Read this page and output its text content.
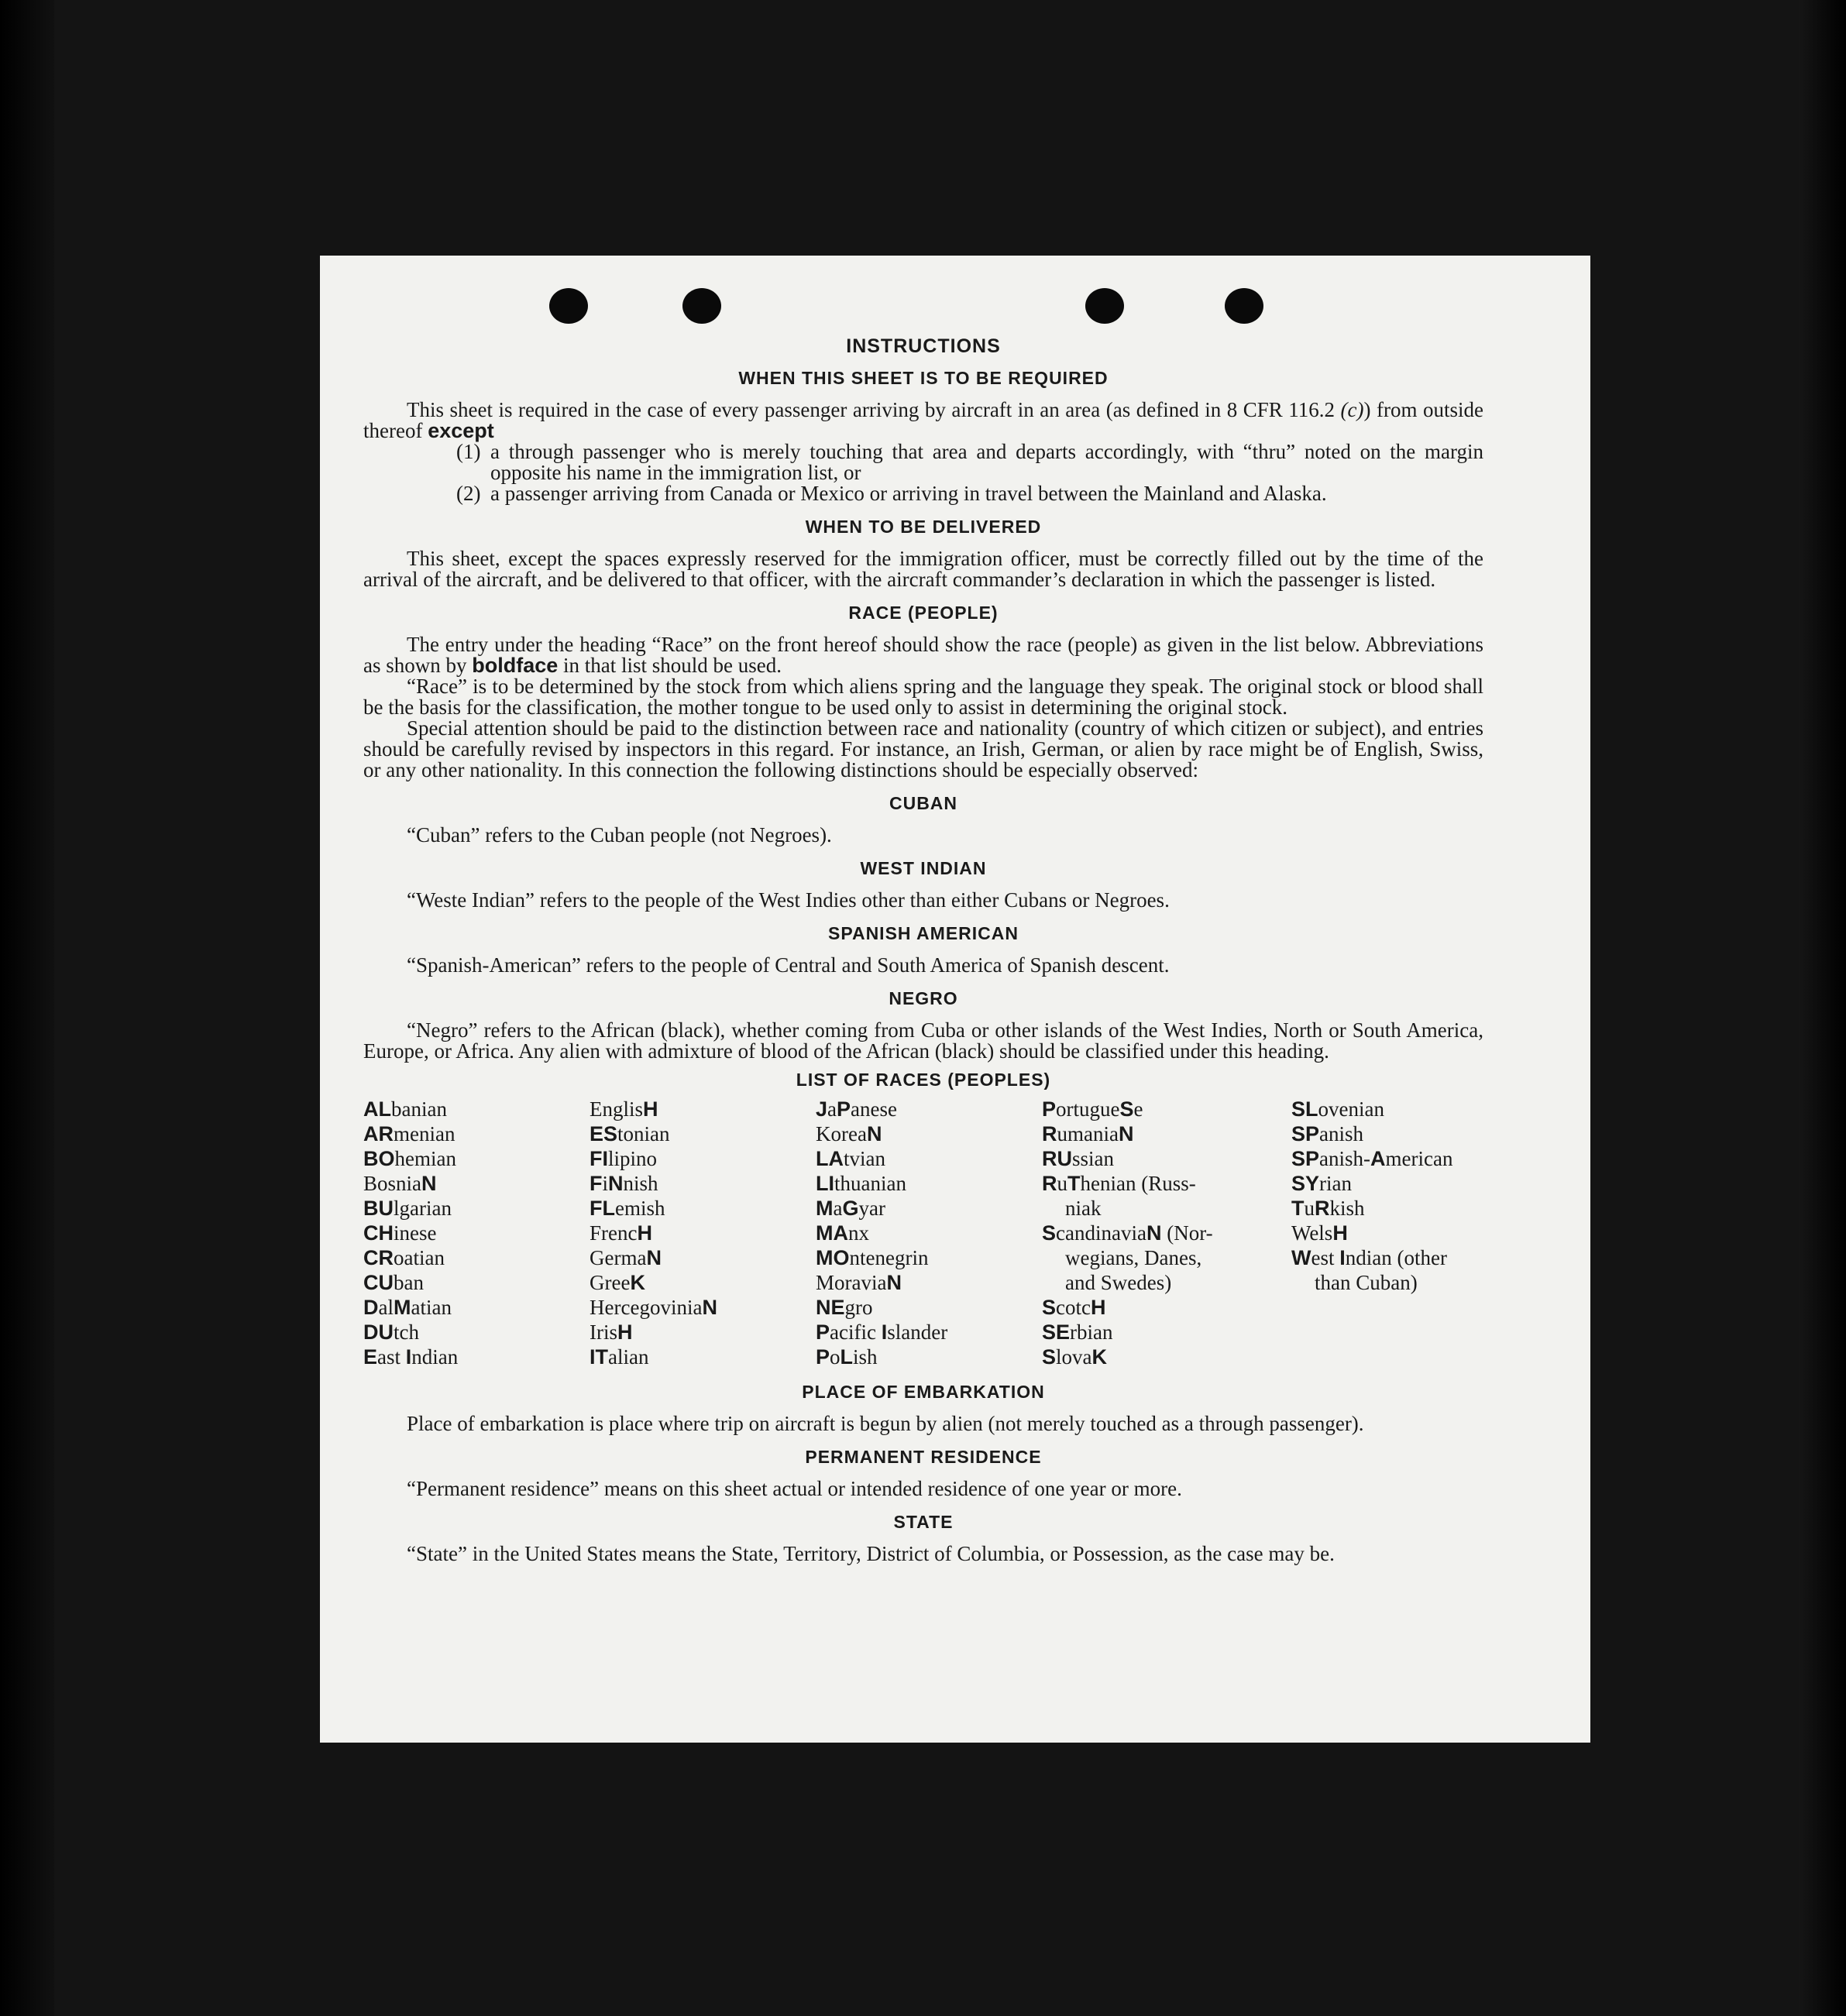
INSTRUCTIONS
WHEN THIS SHEET IS TO BE REQUIRED

This sheet is required in the case of every passenger arriving by aircraft in an area (as defined in 8 CFR 116.2 (c)) from outside thereof except

(1) a through passenger who is merely touching that area and departs accordingly, with “thru” noted on the margin opposite his name in the immigration list, or
(2) a passenger arriving from Canada or Mexico or arriving in travel between the Mainland and Alaska.
WHEN TO BE DELIVERED

This sheet, except the spaces expressly reserved for the immigration officer, must be correctly filled out by the time of the arrival of the aircraft, and be delivered to that officer, with the aircraft commander’s declaration in which the passenger is listed.

RACE (PEOPLE)

The entry under the heading “Race” on the front hereof should show the race (people) as given in the list below. Abbreviations as shown by boldface in that list should be used.

“Race” is to be determined by the stock from which aliens spring and the language they speak. The original stock or blood shall be the basis for the classification, the mother tongue to be used only to assist in determining the original stock.

Special attention should be paid to the distinction between race and nationality (country of which citizen or subject), and entries should be carefully revised by inspectors in this regard. For instance, an Irish, German, or alien by race might be of English, Swiss, or any other nationality. In this connection the following distinctions should be especially observed:

CUBAN

“Cuban” refers to the Cuban people (not Negroes).

WEST INDIAN

“Weste Indian” refers to the people of the West Indies other than either Cubans or Negroes.

SPANISH AMERICAN

“Spanish-American” refers to the people of Central and South America of Spanish descent.

NEGRO

“Negro” refers to the African (black), whether coming from Cuba or other islands of the West Indies, North or South America, Europe, or Africa. Any alien with admixture of blood of the African (black) should be classified under this heading.

LIST OF RACES (PEOPLES)
ALbanian
ARmenian
BOhemian
BosniaN
BUlgarian
CHinese
CRoatian
CUban
DalMatian
DUtch
East Indian
EnglisH
EStonian
FIlipino
FiNnish
FLemish
FrencH
GermaN
GreeK
HercegoviniaN
IrisH
ITalian
JaPanese
KoreaN
LAtvian
LIthuanian
MaGyar
MAnx
MOntenegrin
MoraviaN
NEgro
Pacific Islander
PoLish
PortugueSe
RumaniaN
RUssian
RuThenian (Russ-
niak
ScandinaviaN (Nor-
wegians, Danes,
and Swedes)
ScotcH
SErbian
SlovaK
SLovenian
SPanish
SPanish-American
SYrian
TuRkish
WelsH
West Indian (other
than Cuban)
PLACE OF EMBARKATION

Place of embarkation is place where trip on aircraft is begun by alien (not merely touched as a through passenger).

PERMANENT RESIDENCE

“Permanent residence” means on this sheet actual or intended residence of one year or more.

STATE

“State” in the United States means the State, Territory, District of Columbia, or Possession, as the case may be.
